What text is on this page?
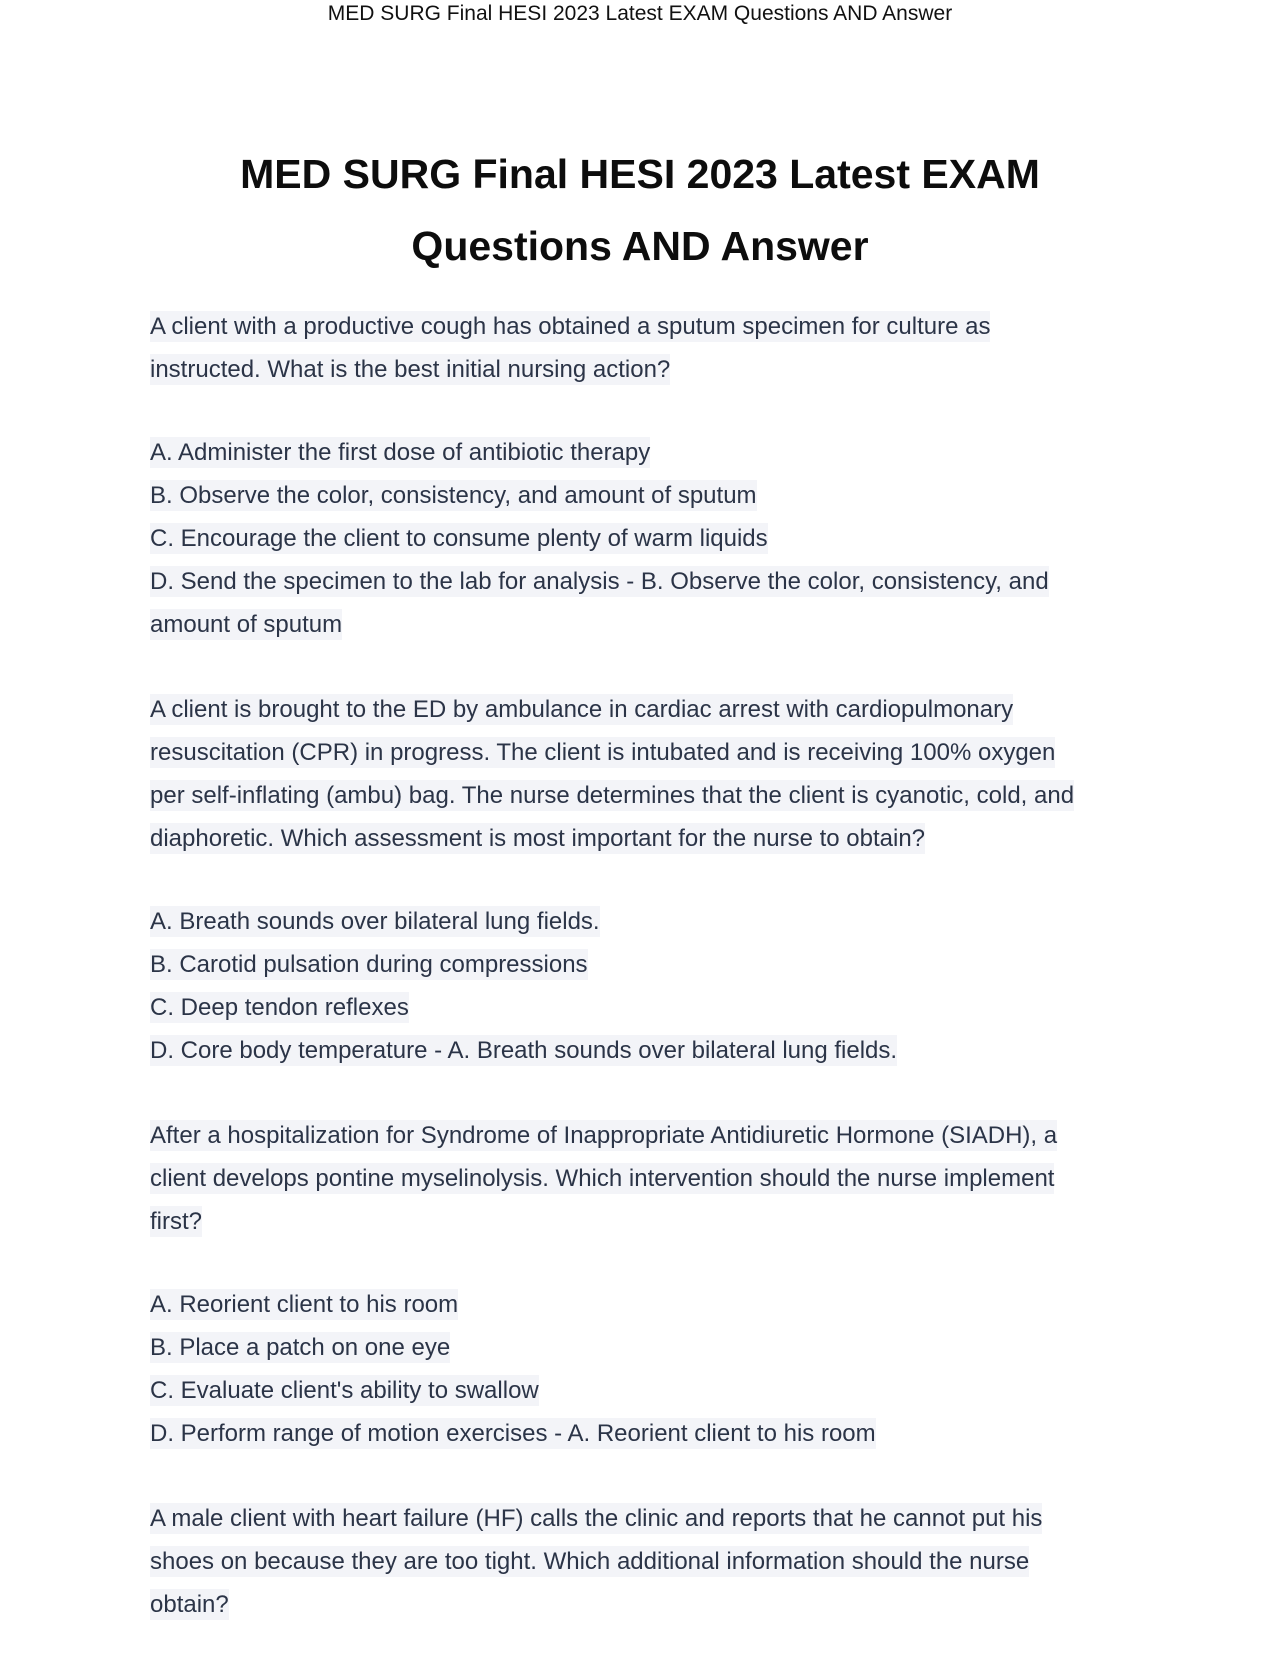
MED SURG Final HESI 2023 Latest EXAM Questions AND Answer
MED SURG Final HESI 2023 Latest EXAM
Questions AND Answer
A client with a productive cough has obtained a sputum specimen for culture as
instructed. What is the best initial nursing action?
A. Administer the first dose of antibiotic therapy
B. Observe the color, consistency, and amount of sputum
C. Encourage the client to consume plenty of warm liquids
D. Send the specimen to the lab for analysis - B. Observe the color, consistency, and
amount of sputum
A client is brought to the ED by ambulance in cardiac arrest with cardiopulmonary
resuscitation (CPR) in progress. The client is intubated and is receiving 100% oxygen
per self-inflating (ambu) bag. The nurse determines that the client is cyanotic, cold, and
diaphoretic. Which assessment is most important for the nurse to obtain?
A. Breath sounds over bilateral lung fields.
B. Carotid pulsation during compressions
C. Deep tendon reflexes
D. Core body temperature - A. Breath sounds over bilateral lung fields.
After a hospitalization for Syndrome of Inappropriate Antidiuretic Hormone (SIADH), a
client develops pontine myselinolysis. Which intervention should the nurse implement
first?
A. Reorient client to his room
B. Place a patch on one eye
C. Evaluate client's ability to swallow
D. Perform range of motion exercises - A. Reorient client to his room
A male client with heart failure (HF) calls the clinic and reports that he cannot put his
shoes on because they are too tight. Which additional information should the nurse
obtain?
